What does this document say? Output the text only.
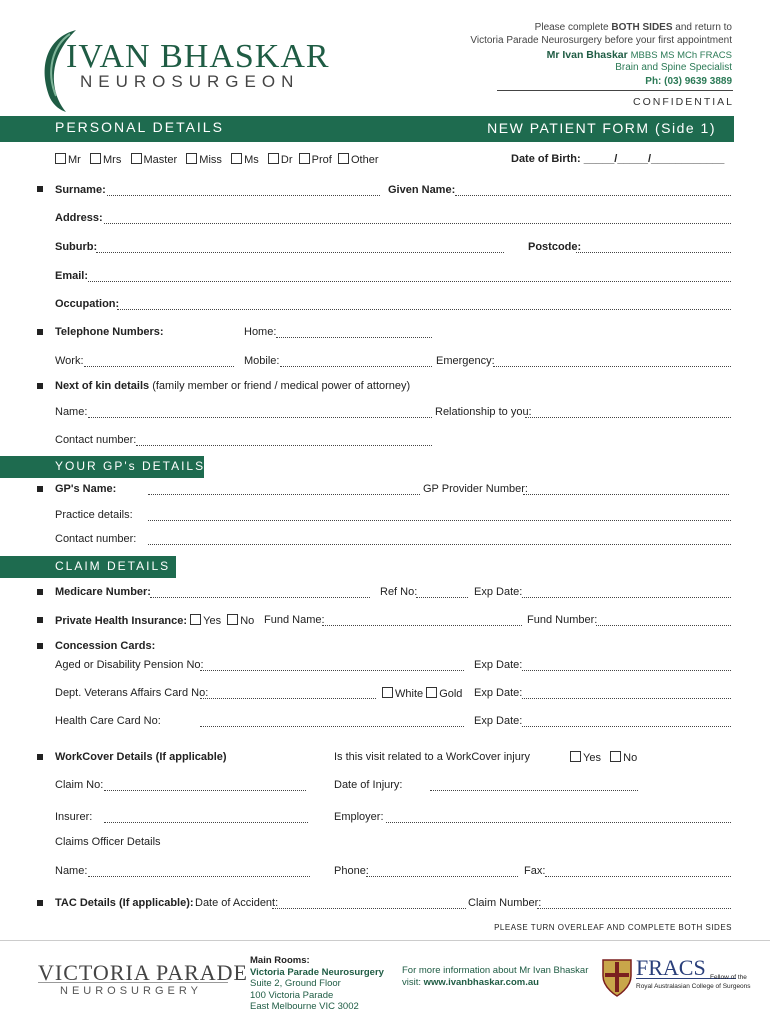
IVAN BHASKAR
NEUROSURGEON
Please complete BOTH SIDES and return to
Victoria Parade Neurosurgery before your first appointment
Mr Ivan Bhaskar MBBS MS MCh FRACS
Brain and Spine Specialist
Ph: (03) 9639 3889
CONFIDENTIAL
PERSONAL DETAILS	NEW PATIENT FORM (Side 1)
Mr Mrs Master Miss Ms Dr Prof Other	Date of Birth: _____/_____/____________
Surname:	Given Name:
Address:
Suburb:	Postcode:
Email:
Occupation:
Telephone Numbers:	Home:
Work:	Mobile:	Emergency:
Next of kin details (family member or friend / medical power of attorney)
Name:	Relationship to you:
Contact number:
YOUR GP's DETAILS
GP's Name:	GP Provider Number:
Practice details:
Contact number:
CLAIM DETAILS
Medicare Number:	Ref No:	Exp Date:
Private Health Insurance: Yes No Fund Name:	Fund Number:
Concession Cards:
Aged or Disability Pension No:	Exp Date:
Dept. Veterans Affairs Card No:	White Gold Exp Date:
Health Care Card No:	Exp Date:
WorkCover Details (If applicable)	Is this visit related to a WorkCover injury	Yes No
Claim No:	Date of Injury:
Insurer:	Employer:
Claims Officer Details
Name:	Phone:	Fax:
TAC Details (If applicable): Date of Accident:	Claim Number:
PLEASE TURN OVERLEAF AND COMPLETE BOTH SIDES
VICTORIA PARADE
NEUROSURGERY
Main Rooms:
Victoria Parade Neurosurgery
Suite 2, Ground Floor
100 Victoria Parade
East Melbourne VIC 3002
For more information about Mr Ivan Bhaskar
visit: www.ivanbhaskar.com.au
FRACS Fellow of the
Royal Australasian College of Surgeons
